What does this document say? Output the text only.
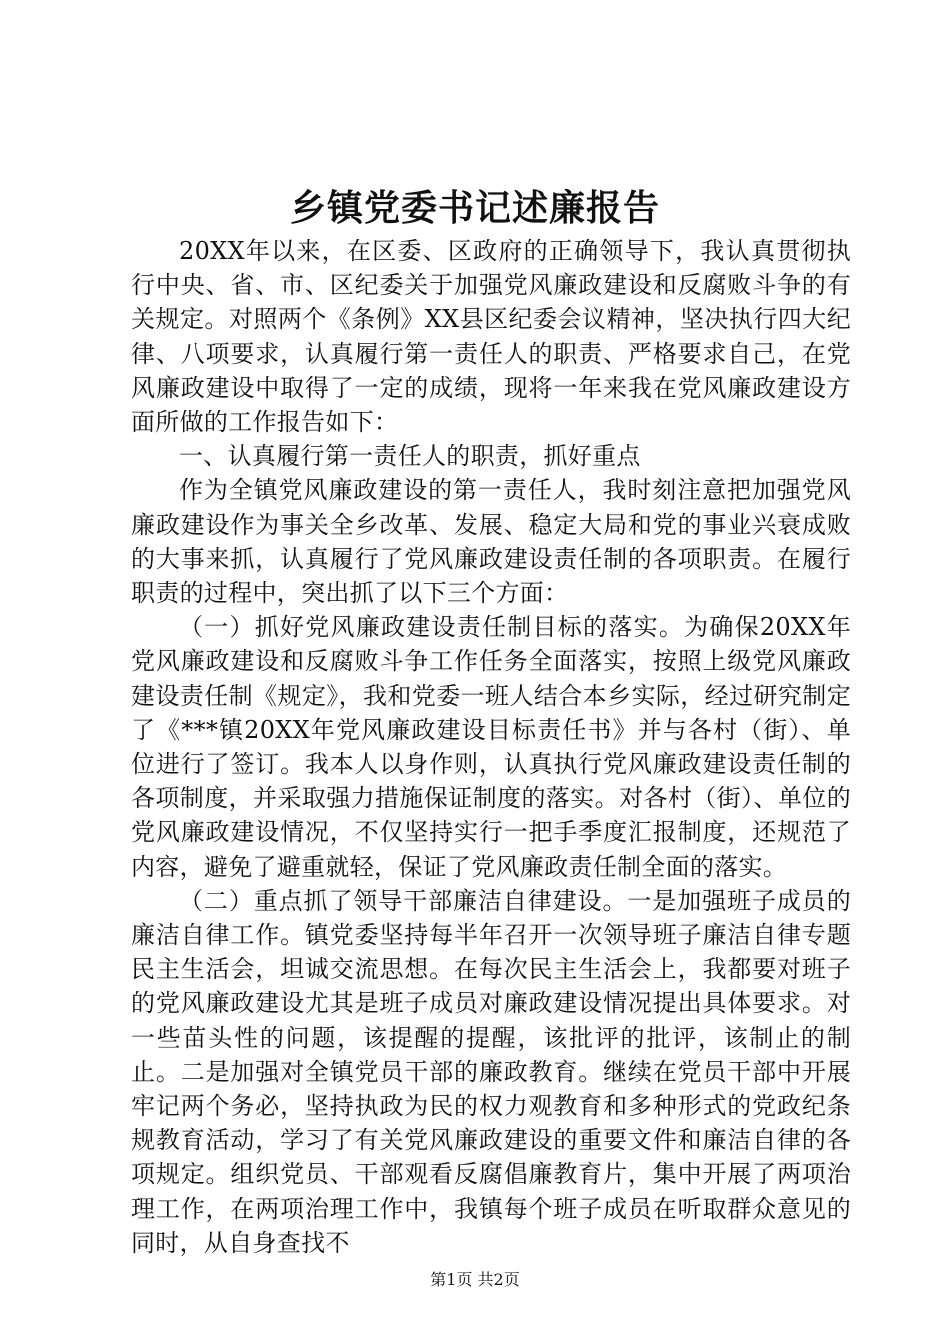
乡镇党委书记述廉报告

20XX年以来，在区委、区政府的正确领导下，我认真贯彻执行中央、省、市、区纪委关于加强党风廉政建设和反腐败斗争的有关规定。对照两个《条例》XX县区纪委会议精神，坚决执行四大纪律、八项要求，认真履行第一责任人的职责、严格要求自己，在党风廉政建设中取得了一定的成绩，现将一年来我在党风廉政建设方面所做的工作报告如下：

一、认真履行第一责任人的职责，抓好重点

作为全镇党风廉政建设的第一责任人，我时刻注意把加强党风廉政建设作为事关全乡改革、发展、稳定大局和党的事业兴衰成败的大事来抓，认真履行了党风廉政建设责任制的各项职责。在履行职责的过程中，突出抓了以下三个方面：

（一）抓好党风廉政建设责任制目标的落实。为确保20XX年党风廉政建设和反腐败斗争工作任务全面落实，按照上级党风廉政建设责任制《规定》，我和党委一班人结合本乡实际，经过研究制定了《***镇20XX年党风廉政建设目标责任书》并与各村（街）、单位进行了签订。我本人以身作则，认真执行党风廉政建设责任制的各项制度，并采取强力措施保证制度的落实。对各村（街）、单位的党风廉政建设情况，不仅坚持实行一把手季度汇报制度，还规范了内容，避免了避重就轻，保证了党风廉政责任制全面的落实。

（二）重点抓了领导干部廉洁自律建设。一是加强班子成员的廉洁自律工作。镇党委坚持每半年召开一次领导班子廉洁自律专题民主生活会，坦诚交流思想。在每次民主生活会上，我都要对班子的党风廉政建设尤其是班子成员对廉政建设情况提出具体要求。对一些苗头性的问题，该提醒的提醒，该批评的批评，该制止的制止。二是加强对全镇党员干部的廉政教育。继续在党员干部中开展牢记两个务必，坚持执政为民的权力观教育和多种形式的党政纪条规教育活动，学习了有关党风廉政建设的重要文件和廉洁自律的各项规定。组织党员、干部观看反腐倡廉教育片，集中开展了两项治理工作，在两项治理工作中，我镇每个班子成员在听取群众意见的同时，从自身查找不

第1页 共2页
